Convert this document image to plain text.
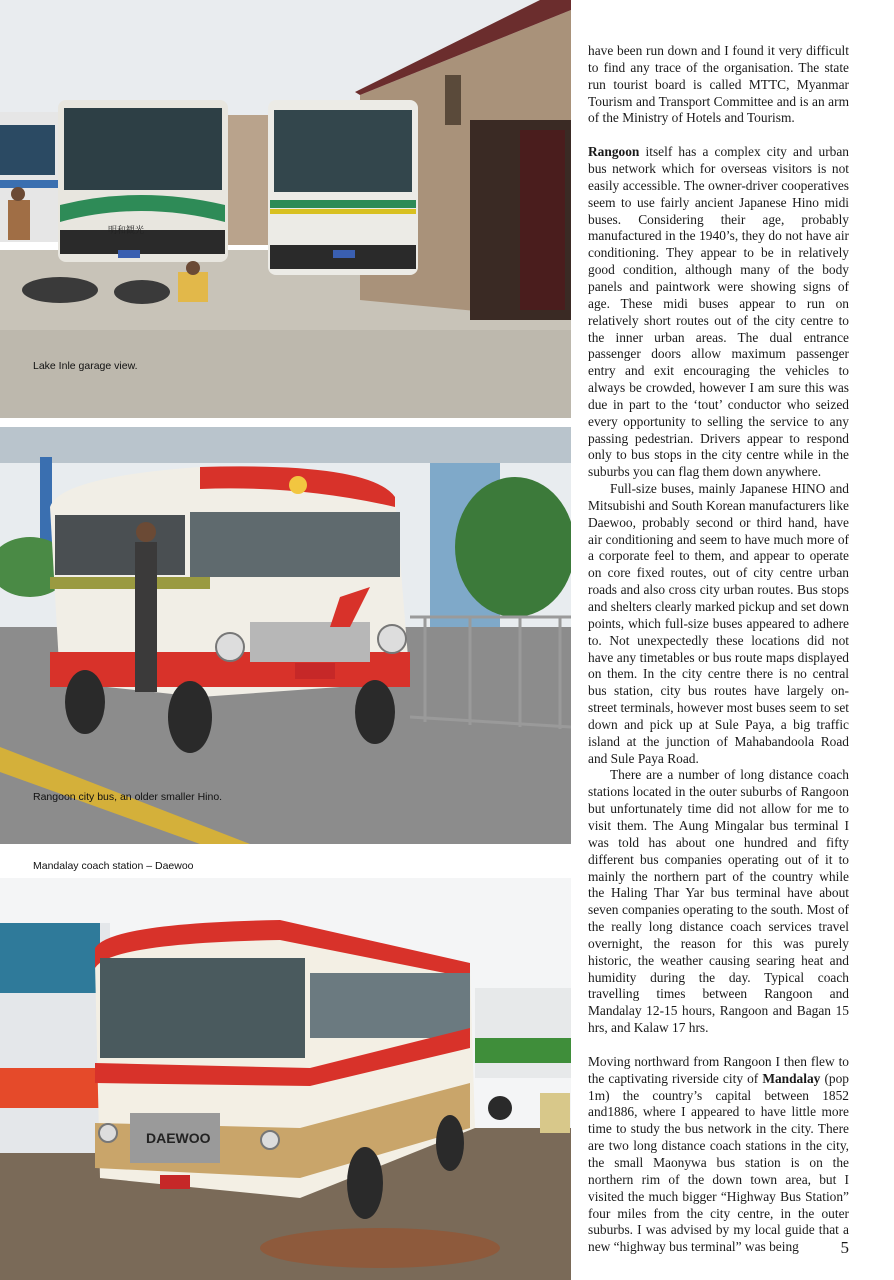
明和観光
Lake Inle garage view.
Rangoon city bus, an older smaller Hino.
Mandalay coach station – Daewoo
DAEWOO

have been run down and I found it very difficult to find any trace of the organisation. The state run tourist board is called MTTC, Myanmar Tourism and Transport Committee and is an arm of the Ministry of Hotels and Tourism.

Rangoon itself has a complex city and urban bus network which for overseas visitors is not easily accessible. The owner-driver cooperatives seem to use fairly ancient Japanese Hino midi buses. Considering their age, probably manufactured in the 1940’s, they do not have air conditioning. They appear to be in relatively good condition, although many of the body panels and paintwork were showing signs of age. These midi buses appear to run on relatively short routes out of the city centre to the inner urban areas. The dual entrance passenger doors allow maximum passenger entry and exit encouraging the vehicles to always be crowded, however I am sure this was due in part to the ‘tout’ conductor who seized every opportunity to selling the service to any passing pedestrian. Drivers appear to respond only to bus stops in the city centre while in the suburbs you can flag them down anywhere.

Full-size buses, mainly Japanese HINO and Mitsubishi and South Korean manufacturers like Daewoo, probably second or third hand, have air conditioning and seem to have much more of a corporate feel to them, and appear to operate on core fixed routes, out of city centre urban roads and also cross city urban routes. Bus stops and shelters clearly marked pickup and set down points, which full-size buses appeared to adhere to. Not unexpectedly these locations did not have any timetables or bus route maps displayed on them. In the city centre there is no central bus station, city bus routes have largely on-street terminals, however most buses seem to set down and pick up at Sule Paya, a big traffic island at the junction of Mahabandoola Road and Sule Paya Road.

There are a number of long distance coach stations located in the outer suburbs of Rangoon but unfortunately time did not allow for me to visit them. The Aung Mingalar bus terminal I was told has about one hundred and fifty different bus companies operating out of it to mainly the northern part of the country while the Haling Thar Yar bus terminal have about seven companies operating to the south. Most of the really long distance coach services travel overnight, the reason for this was purely historic, the weather causing searing heat and humidity during the day. Typical coach travelling times between Rangoon and Mandalay 12-15 hours, Rangoon and Bagan 15 hrs, and Kalaw 17 hrs.

Moving northward from Rangoon I then flew to the captivating riverside city of Mandalay (pop 1m) the country’s capital between 1852 and1886, where I appeared to have little more time to study the bus network in the city. There are two long distance coach stations in the city, the small Maonywa bus station is on the northern rim of the down town area, but I visited the much bigger “Highway Bus Station” four miles from the city centre, in the outer suburbs. I was advised by my local guide that a new “highway bus terminal” was being	5
